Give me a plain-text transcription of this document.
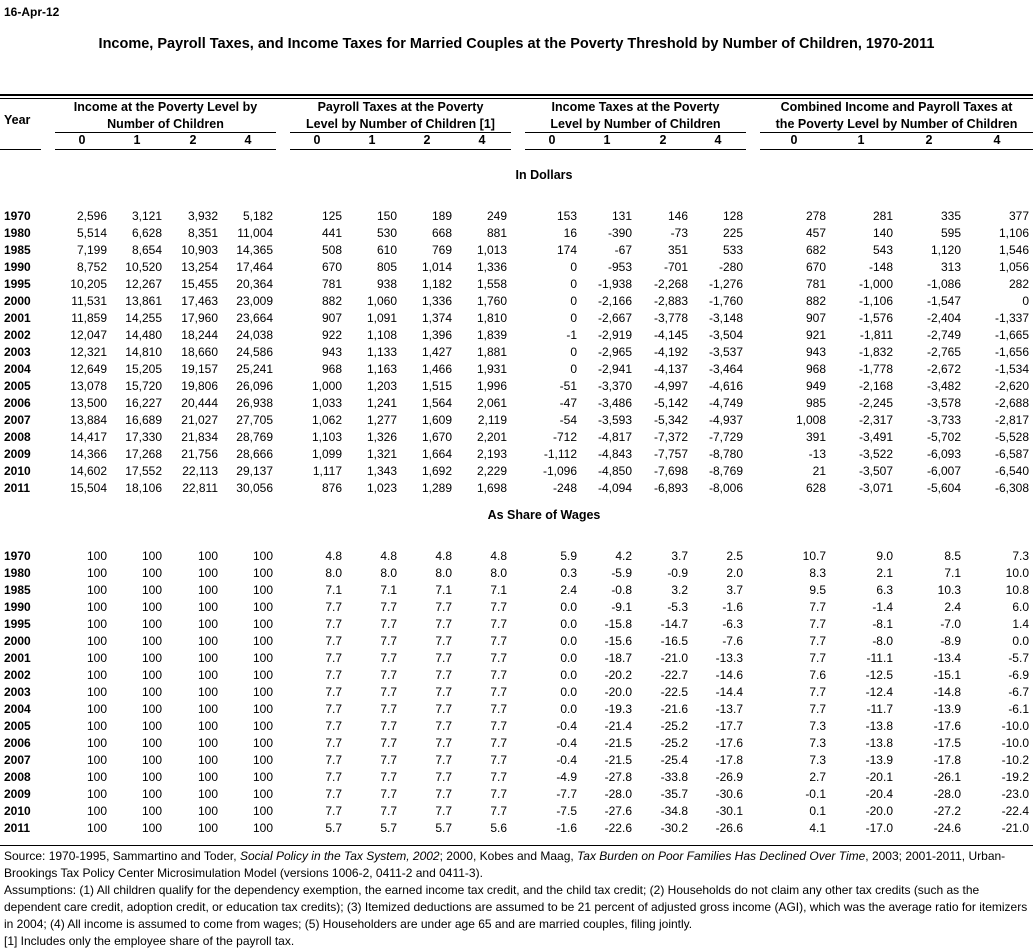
16-Apr-12
Income, Payroll Taxes, and Income Taxes for Married Couples at the Poverty Threshold by Number of Children, 1970-2011
Year
Income at the Poverty Level by
Number of Children
0	1	2	4
Payroll Taxes at the Poverty
Level by Number of Children [1]
0	1	2	4
Income Taxes at the Poverty
Level by Number of Children
0	1	2	4
Combined Income and Payroll Taxes at
the Poverty Level by Number of Children
0	1	2	4
In Dollars
1970	2,596	3,121	3,932	5,182	125	150	189	249	153	131	146	128	278	281	335	377
1980	5,514	6,628	8,351	11,004	441	530	668	881	16	-390	-73	225	457	140	595	1,106
1985	7,199	8,654	10,903	14,365	508	610	769	1,013	174	-67	351	533	682	543	1,120	1,546
1990	8,752	10,520	13,254	17,464	670	805	1,014	1,336	0	-953	-701	-280	670	-148	313	1,056
1995	10,205	12,267	15,455	20,364	781	938	1,182	1,558	0	-1,938	-2,268	-1,276	781	-1,000	-1,086	282
2000	11,531	13,861	17,463	23,009	882	1,060	1,336	1,760	0	-2,166	-2,883	-1,760	882	-1,106	-1,547	0
2001	11,859	14,255	17,960	23,664	907	1,091	1,374	1,810	0	-2,667	-3,778	-3,148	907	-1,576	-2,404	-1,337
2002	12,047	14,480	18,244	24,038	922	1,108	1,396	1,839	-1	-2,919	-4,145	-3,504	921	-1,811	-2,749	-1,665
2003	12,321	14,810	18,660	24,586	943	1,133	1,427	1,881	0	-2,965	-4,192	-3,537	943	-1,832	-2,765	-1,656
2004	12,649	15,205	19,157	25,241	968	1,163	1,466	1,931	0	-2,941	-4,137	-3,464	968	-1,778	-2,672	-1,534
2005	13,078	15,720	19,806	26,096	1,000	1,203	1,515	1,996	-51	-3,370	-4,997	-4,616	949	-2,168	-3,482	-2,620
2006	13,500	16,227	20,444	26,938	1,033	1,241	1,564	2,061	-47	-3,486	-5,142	-4,749	985	-2,245	-3,578	-2,688
2007	13,884	16,689	21,027	27,705	1,062	1,277	1,609	2,119	-54	-3,593	-5,342	-4,937	1,008	-2,317	-3,733	-2,817
2008	14,417	17,330	21,834	28,769	1,103	1,326	1,670	2,201	-712	-4,817	-7,372	-7,729	391	-3,491	-5,702	-5,528
2009	14,366	17,268	21,756	28,666	1,099	1,321	1,664	2,193	-1,112	-4,843	-7,757	-8,780	-13	-3,522	-6,093	-6,587
2010	14,602	17,552	22,113	29,137	1,117	1,343	1,692	2,229	-1,096	-4,850	-7,698	-8,769	21	-3,507	-6,007	-6,540
2011	15,504	18,106	22,811	30,056	876	1,023	1,289	1,698	-248	-4,094	-6,893	-8,006	628	-3,071	-5,604	-6,308
As Share of Wages
1970	100	100	100	100	4.8	4.8	4.8	4.8	5.9	4.2	3.7	2.5	10.7	9.0	8.5	7.3
1980	100	100	100	100	8.0	8.0	8.0	8.0	0.3	-5.9	-0.9	2.0	8.3	2.1	7.1	10.0
1985	100	100	100	100	7.1	7.1	7.1	7.1	2.4	-0.8	3.2	3.7	9.5	6.3	10.3	10.8
1990	100	100	100	100	7.7	7.7	7.7	7.7	0.0	-9.1	-5.3	-1.6	7.7	-1.4	2.4	6.0
1995	100	100	100	100	7.7	7.7	7.7	7.7	0.0	-15.8	-14.7	-6.3	7.7	-8.1	-7.0	1.4
2000	100	100	100	100	7.7	7.7	7.7	7.7	0.0	-15.6	-16.5	-7.6	7.7	-8.0	-8.9	0.0
2001	100	100	100	100	7.7	7.7	7.7	7.7	0.0	-18.7	-21.0	-13.3	7.7	-11.1	-13.4	-5.7
2002	100	100	100	100	7.7	7.7	7.7	7.7	0.0	-20.2	-22.7	-14.6	7.6	-12.5	-15.1	-6.9
2003	100	100	100	100	7.7	7.7	7.7	7.7	0.0	-20.0	-22.5	-14.4	7.7	-12.4	-14.8	-6.7
2004	100	100	100	100	7.7	7.7	7.7	7.7	0.0	-19.3	-21.6	-13.7	7.7	-11.7	-13.9	-6.1
2005	100	100	100	100	7.7	7.7	7.7	7.7	-0.4	-21.4	-25.2	-17.7	7.3	-13.8	-17.6	-10.0
2006	100	100	100	100	7.7	7.7	7.7	7.7	-0.4	-21.5	-25.2	-17.6	7.3	-13.8	-17.5	-10.0
2007	100	100	100	100	7.7	7.7	7.7	7.7	-0.4	-21.5	-25.4	-17.8	7.3	-13.9	-17.8	-10.2
2008	100	100	100	100	7.7	7.7	7.7	7.7	-4.9	-27.8	-33.8	-26.9	2.7	-20.1	-26.1	-19.2
2009	100	100	100	100	7.7	7.7	7.7	7.7	-7.7	-28.0	-35.7	-30.6	-0.1	-20.4	-28.0	-23.0
2010	100	100	100	100	7.7	7.7	7.7	7.7	-7.5	-27.6	-34.8	-30.1	0.1	-20.0	-27.2	-22.4
2011	100	100	100	100	5.7	5.7	5.7	5.6	-1.6	-22.6	-30.2	-26.6	4.1	-17.0	-24.6	-21.0

Source: 1970-1995, Sammartino and Toder, Social Policy in the Tax System, 2002; 2000, Kobes and Maag, Tax Burden on Poor Families Has Declined Over Time, 2003; 2001-2011, Urban-Brookings Tax Policy Center Microsimulation Model (versions 1006-2, 0411-2 and 0411-3).

Assumptions: (1) All children qualify for the dependency exemption, the earned income tax credit, and the child tax credit; (2) Households do not claim any other tax credits (such as the dependent care credit, adoption credit, or education tax credits); (3) Itemized deductions are assumed to be 21 percent of adjusted gross income (AGI), which was the average ratio for itemizers in 2004; (4) All income is assumed to come from wages; (5) Householders are under age 65 and are married couples, filing jointly.

[1] Includes only the employee share of the payroll tax.
